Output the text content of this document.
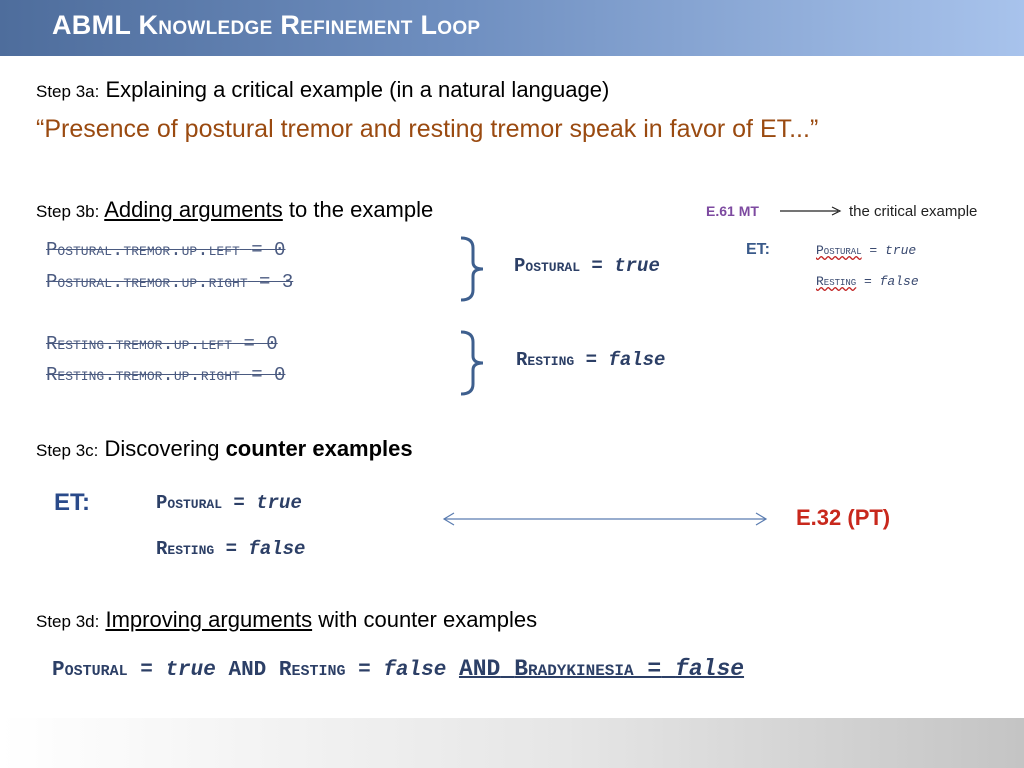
ABML Knowledge Refinement Loop
Step 3a: Explaining a critical example (in a natural language)
“Presence of postural tremor and resting tremor speak in favor of ET...”
Step 3b: Adding arguments to the example
Postural.tremor.up.left = 0
Postural.tremor.up.right = 3
Resting.tremor.up.left = 0
Resting.tremor.up.right = 0
Postural = true
Resting = false
E.61 MT	the critical example
ET:	Postural = true
Resting = false
Step 3c: Discovering counter examples
ET:	Postural = true
Resting = false
E.32 (PT)
Step 3d: Improving arguments with counter examples
Postural = true AND Resting = false AND Bradykinesia = false
